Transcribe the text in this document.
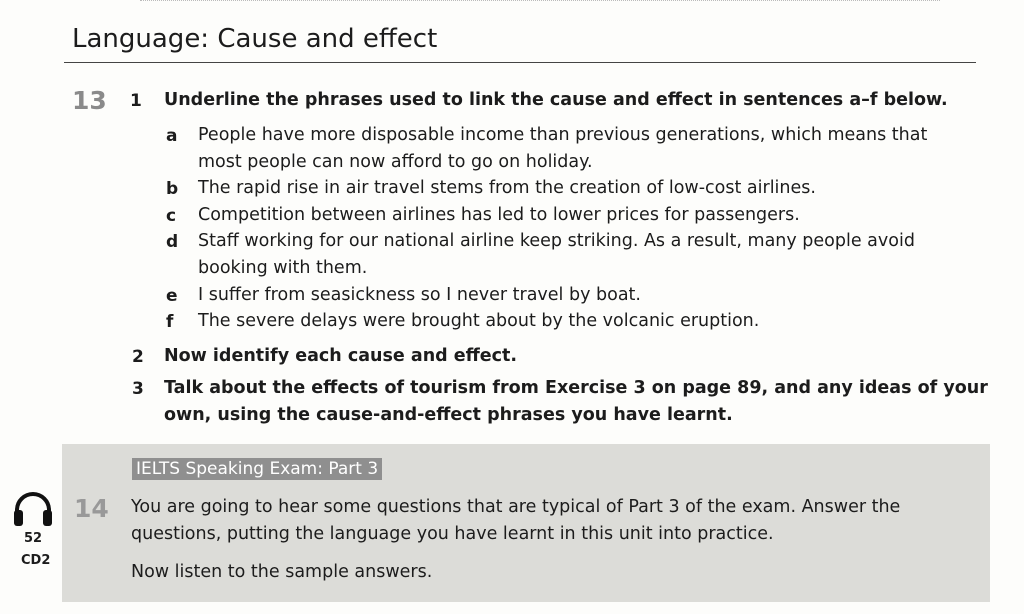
Language: Cause and effect
13 1 Underline the phrases used to link the cause and effect in sentences a–f below.
a People have more disposable income than previous generations, which means that
most people can now afford to go on holiday.
b The rapid rise in air travel stems from the creation of low-cost airlines.
c Competition between airlines has led to lower prices for passengers.
d Staff working for our national airline keep striking. As a result, many people avoid
booking with them.
e I suffer from seasickness so I never travel by boat.
f The severe delays were brought about by the volcanic eruption.
2 Now identify each cause and effect.
3 Talk about the effects of tourism from Exercise 3 on page 89, and any ideas of your
own, using the cause-and-effect phrases you have learnt.
IELTS Speaking Exam: Part 3
14 You are going to hear some questions that are typical of Part 3 of the exam. Answer the
questions, putting the language you have learnt in this unit into practice.
Now listen to the sample answers.
52
CD2
